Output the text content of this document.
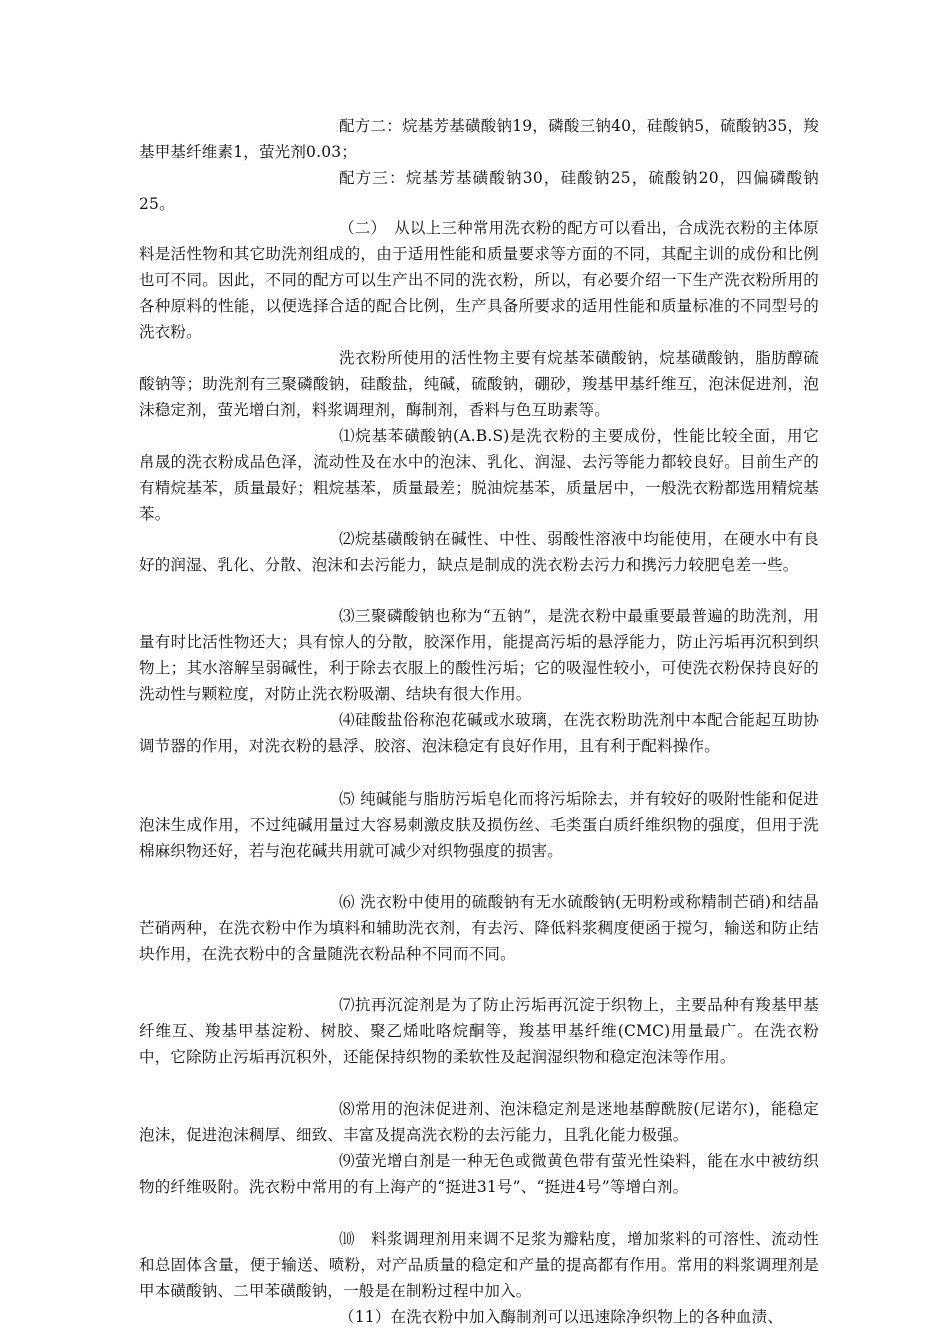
配方二：烷基芳基磺酸钠19，磷酸三钠40，硅酸钠5，硫酸钠35，羧基甲基纤维素1，萤光剂0.03；

配方三：烷基芳基磺酸钠30，硅酸钠25，硫酸钠20，四偏磷酸钠25。

（二）　从以上三种常用洗衣粉的配方可以看出，合成洗衣粉的主体原料是活性物和其它助洗剂组成的，由于适用性能和质量要求等方面的不同，其配主训的成份和比例也可不同。因此，不同的配方可以生产出不同的洗衣粉，所以，有必要介绍一下生产洗衣粉所用的各种原料的性能，以便选择合适的配合比例，生产具备所要求的适用性能和质量标准的不同型号的洗衣粉。

洗衣粉所使用的活性物主要有烷基苯磺酸钠，烷基磺酸钠，脂肪醇硫酸钠等；助洗剂有三聚磷酸钠，硅酸盐，纯碱，硫酸钠，硼砂，羧基甲基纤维互，泡沫促进剂，泡沫稳定剂，萤光增白剂，料浆调理剂，酶制剂，香料与色互助素等。

⑴烷基苯磺酸钠(A.B.S)是洗衣粉的主要成份，性能比较全面，用它帛晟的洗衣粉成品色泽，流动性及在水中的泡沫、乳化、润湿、去污等能力都较良好。目前生产的有精烷基苯，质量最好；粗烷基苯，质量最差；脱油烷基苯，质量居中，一般洗衣粉都选用精烷基苯。

⑵烷基磺酸钠在碱性、中性、弱酸性溶液中均能使用，在硬水中有良好的润湿、乳化、分散、泡沫和去污能力，缺点是制成的洗衣粉去污力和携污力较肥皂差一些。

⑶三聚磷酸钠也称为“五钠”，是洗衣粉中最重要最普遍的助洗剂，用量有时比活性物还大；具有惊人的分散，胶深作用，能提高污垢的悬浮能力，防止污垢再沉积到织物上；其水溶解呈弱碱性，利于除去衣服上的酸性污垢；它的吸湿性较小，可使洗衣粉保持良好的洗动性与颗粒度，对防止洗衣粉吸潮、结块有很大作用。

⑷硅酸盐俗称泡花碱或水玻璃，在洗衣粉助洗剂中本配合能起互助协调节器的作用，对洗衣粉的悬浮、胶溶、泡沫稳定有良好作用，且有利于配料操作。

⑸ 纯碱能与脂肪污垢皂化而将污垢除去，并有较好的吸附性能和促进泡沫生成作用，不过纯碱用量过大容易刺激皮肤及损伤丝、毛类蛋白质纤维织物的强度，但用于洗棉麻织物还好，若与泡花碱共用就可减少对织物强度的损害。

⑹ 洗衣粉中使用的硫酸钠有无水硫酸钠(无明粉或称精制芒硝)和结晶芒硝两种，在洗衣粉中作为填料和辅助洗衣剂，有去污、降低料浆稠度便函于搅匀，输送和防止结块作用，在洗衣粉中的含量随洗衣粉品种不同而不同。

⑺抗再沉淀剂是为了防止污垢再沉淀于织物上，主要品种有羧基甲基纤维互、羧基甲基淀粉、树胶、聚乙烯吡咯烷酮等，羧基甲基纤维(CMC)用量最广。在洗衣粉中，它除防止污垢再沉积外，还能保持织物的柔软性及起润湿织物和稳定泡沫等作用。

⑻常用的泡沫促进剂、泡沫稳定剂是迷地基醇酰胺(尼诺尔)，能稳定泡沫，促进泡沫稠厚、细致、丰富及提高洗衣粉的去污能力，且乳化能力极强。

⑼萤光增白剂是一种无色或微黄色带有萤光性染料，能在水中被纺织物的纤维吸附。洗衣粉中常用的有上海产的“挺进31号”、“挺进4号”等增白剂。

⑽　料浆调理剂用来调不足浆为瓣粘度，增加浆料的可溶性、流动性和总固体含量，便于输送、喷粉，对产品质量的稳定和产量的提高都有作用。常用的料浆调理剂是甲本磺酸钠、二甲苯磺酸钠，一般是在制粉过程中加入。

（11）在洗衣粉中加入酶制剂可以迅速除净织物上的各种血渍、
